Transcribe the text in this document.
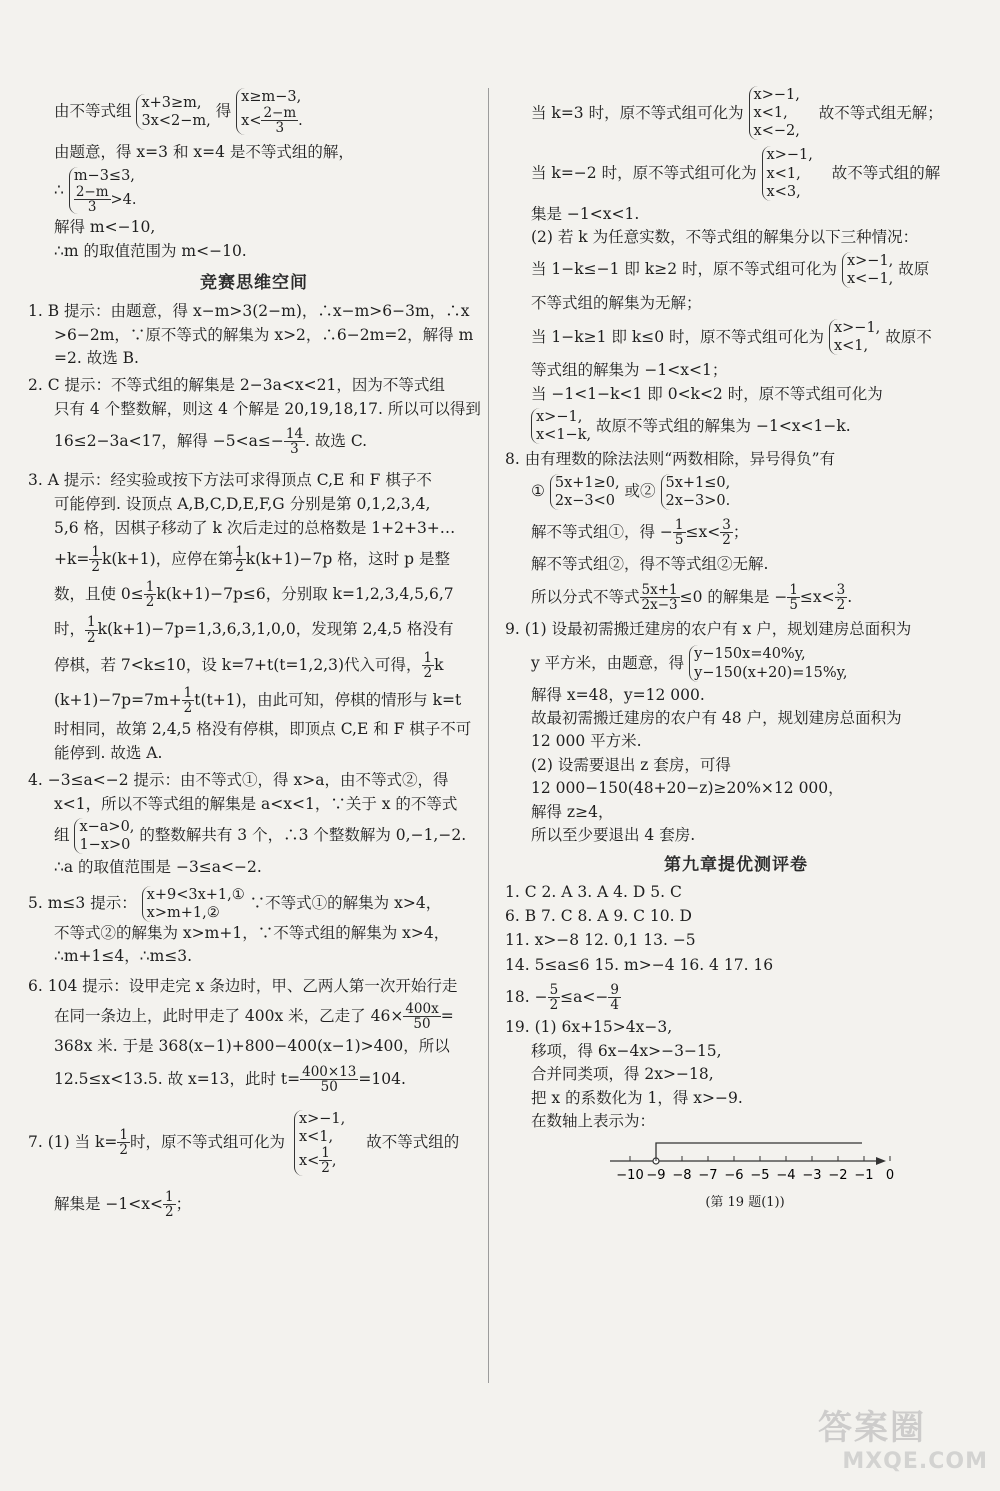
由不等式组 x+3≥m,
3x<2−m,
得
x≥m−3,
$x< \frac{2-m}{3}$ .
由题意，得 x=3 和 x=4 是不等式组的解，
∴
m−3≤3,
$\frac{2-m}{3} >4$.
解得 m<−10,
∴m 的取值范围为 m<−10.
竞赛思维空间
1. B 提示：由题意，得 x−m>3(2−m)，∴x−m>6−3m，∴x
>6−2m，∵原不等式的解集为 x>2，∴6−2m=2，解得 m
=2. 故选 B.
2. C 提示：不等式组的解集是 2−3a<x<21，因为不等式组
只有 4 个整数解，则这 4 个解是 20,19,18,17. 所以可以得到
16≤2−3a<17，解得 $-5<a\le- \frac{14}{3}$ . 故选 C.
3. A 提示：经实验或按下方法可求得顶点 C,E 和 F 棋子不
可能停到. 设顶点 A,B,C,D,E,F,G 分别是第 0,1,2,3,4,
5,6 格，因棋子移动了 k 次后走过的总格数是 1+2+3+…
$+k= \frac{1}{2} k(k+1)$，应停在第 $\frac{1}{2} k(k+1)-7p$ 格，这时 p 是整
数，且使 $0\le \frac{1}{2} k(k+1)-7p\le 6$，分别取 k=1,2,3,4,5,6,7
时， $\frac{1}{2} k(k+1)-7p=1,3,6,3,1,0,0$，发现第 2,4,5 格没有
停棋，若 7<k≤10，设 k=7+t(t=1,2,3)代入可得， $\frac{1}{2}$ k
$(k+1)-7p=7m+ \frac{1}{2} t(t+1)$，由此可知，停棋的情形与 k=t
时相同，故第 2,4,5 格没有停棋，即顶点 C,E 和 F 棋子不可
能停到. 故选 A.
4. −3≤a<−2 提示：由不等式①，得 x>a，由不等式②，得
x<1，所以不等式组的解集是 a<x<1，∵关于 x 的不等式
组 x−a>0,
1−x>0
的整数解共有 3 个，∴3 个整数解为 0,−1,−2.
∴a 的取值范围是 −3≤a<−2.
5. m≤3 提示： x+9<3x+1,①
x>m+1,②
∵不等式①的解集为 x>4，
不等式②的解集为 x>m+1，∵不等式组的解集为 x>4，
∴m+1≤4，∴m≤3.
6. 104 提示：设甲走完 x 条边时，甲、乙两人第一次开始行走
在同一条边上，此时甲走了 400x 米，乙走了 $46\times \frac{400x}{50}$ =
368x 米. 于是 368(x−1)+800−400(x−1)>400，所以
12.5≤x<13.5. 故 x=13，此时 $t= \frac{400\times 13}{50} =104$.
7. (1) 当 $k= \frac{1}{2}$ 时，原不等式组可化为
x>−1,
x<1,
$x< \frac{1}{2}$ ,
故不等式组的
解集是 $-1<x< \frac{1}{2}$ ；
当 k=3 时，原不等式组可化为
x>−1,
x<1,
x<−2,
故不等式组无解；
当 k=−2 时，原不等式组可化为
x>−1,
x<1,
x<3,
故不等式组的解
集是 −1<x<1.
(2) 若 k 为任意实数，不等式组的解集分以下三种情况：
当 1−k≤−1 即 k≥2 时，原不等式组可化为 x>−1,
x<−1,
故原
不等式组的解集为无解；
当 1−k≥1 即 k≤0 时，原不等式组可化为 x>−1,
x<1,
故原不
等式组的解集为 −1<x<1；
当 −1<1−k<1 即 0<k<2 时，原不等式组可化为
x>−1,
x<1−k,
故原不等式组的解集为 −1<x<1−k.
8. 由有理数的除法法则“两数相除，异号得负”有
① 5x+1≥0,
2x−3<0
或② 5x+1≤0,
2x−3>0.
解不等式组①，得 − $\frac{1}{5} \le x< \frac{3}{2}$ ；
解不等式组②，得不等式组②无解.
所以分式不等式 $\frac{5x+1}{2x-3} \le 0$ 的解集是 − $\frac{1}{5} \le x< \frac{3}{2}$ .
9. (1) 设最初需搬迁建房的农户有 x 户，规划建房总面积为
y 平方米，由题意，得 y−150x=40%y,
y−150(x+20)=15%y,
解得 x=48，y=12 000.
故最初需搬迁建房的农户有 48 户，规划建房总面积为
12 000 平方米.
(2) 设需要退出 z 套房，可得
12 000−150(48+20−z)≥20%×12 000，
解得 z≥4，
所以至少要退出 4 套房.
第九章提优测评卷
1. C 2. A 3. A 4. D 5. C
6. B 7. C 8. A 9. C 10. D
11. x>−8 12. 0,1 13. −5
14. 5≤a≤6 15. m>−4 16. 4 17. 16
18. − $\frac{5}{2} \le a<- \frac{9}{4}$
19. (1) 6x+15>4x−3,
移项，得 6x−4x>−3−15,
合并同类项，得 2x>−18,
把 x 的系数化为 1，得 x>−9.
在数轴上表示为：
−10 −9 −8 −7 −6 −5 −4 −3 −2 −1 0
(第 19 题(1))
答案圈
MXQE.COM
